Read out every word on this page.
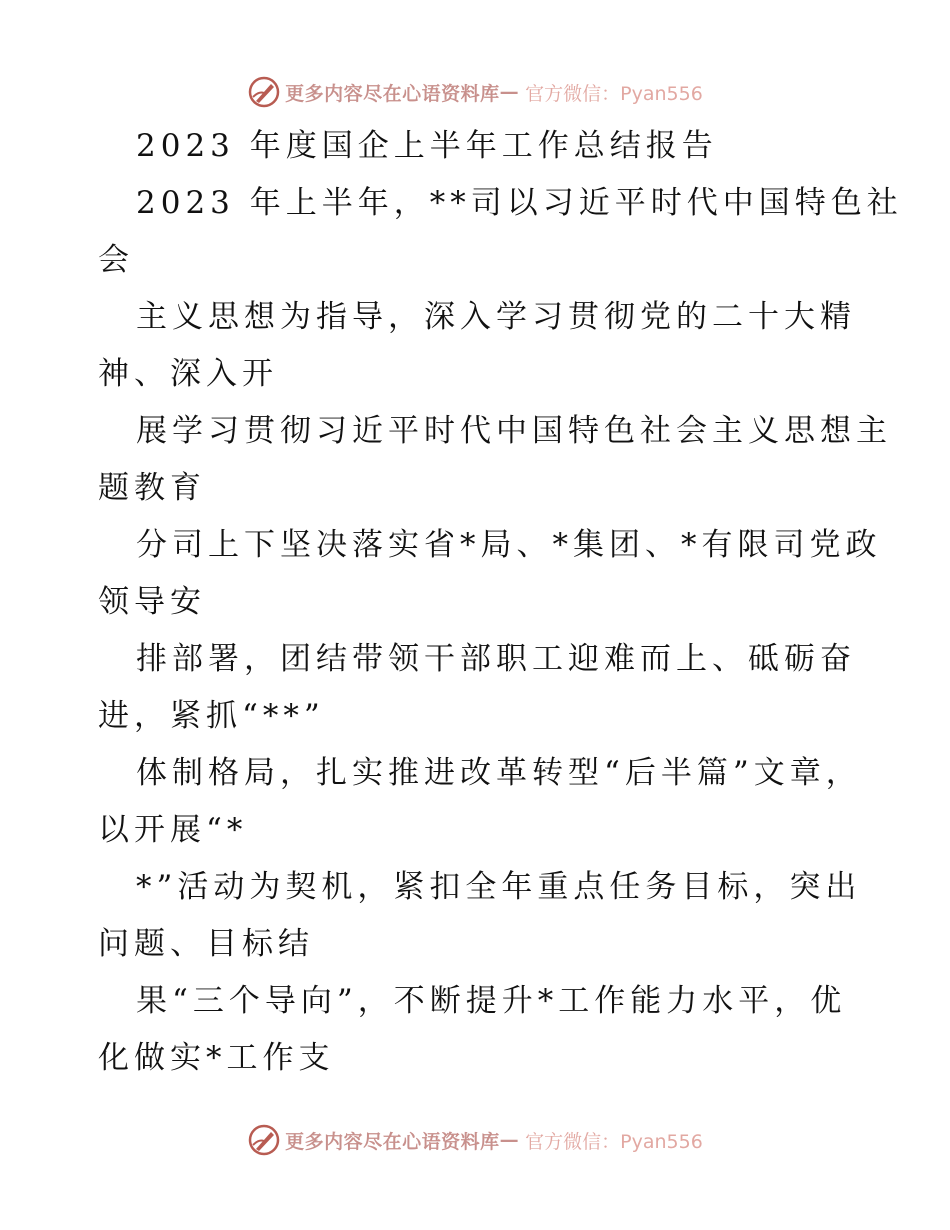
更多内容尽在心语资料库 — 官方微信：Pyan556
2023 年度国企上半年工作总结报告
2023 年上半年，**司以习近平时代中国特色社
会
主义思想为指导，深入学习贯彻党的二十大精
神、深入开
展学习贯彻习近平时代中国特色社会主义思想主
题教育
分司上下坚决落实省*局、*集团、*有限司党政
领导安
排部署，团结带领干部职工迎难而上、砥砺奋
进，紧抓“**”
体制格局，扎实推进改革转型“后半篇”文章，
以开展“*
*”活动为契机，紧扣全年重点任务目标，突出
问题、目标结
果“三个导向”，不断提升*工作能力水平，优
化做实*工作支
更多内容尽在心语资料库 — 官方微信：Pyan556
